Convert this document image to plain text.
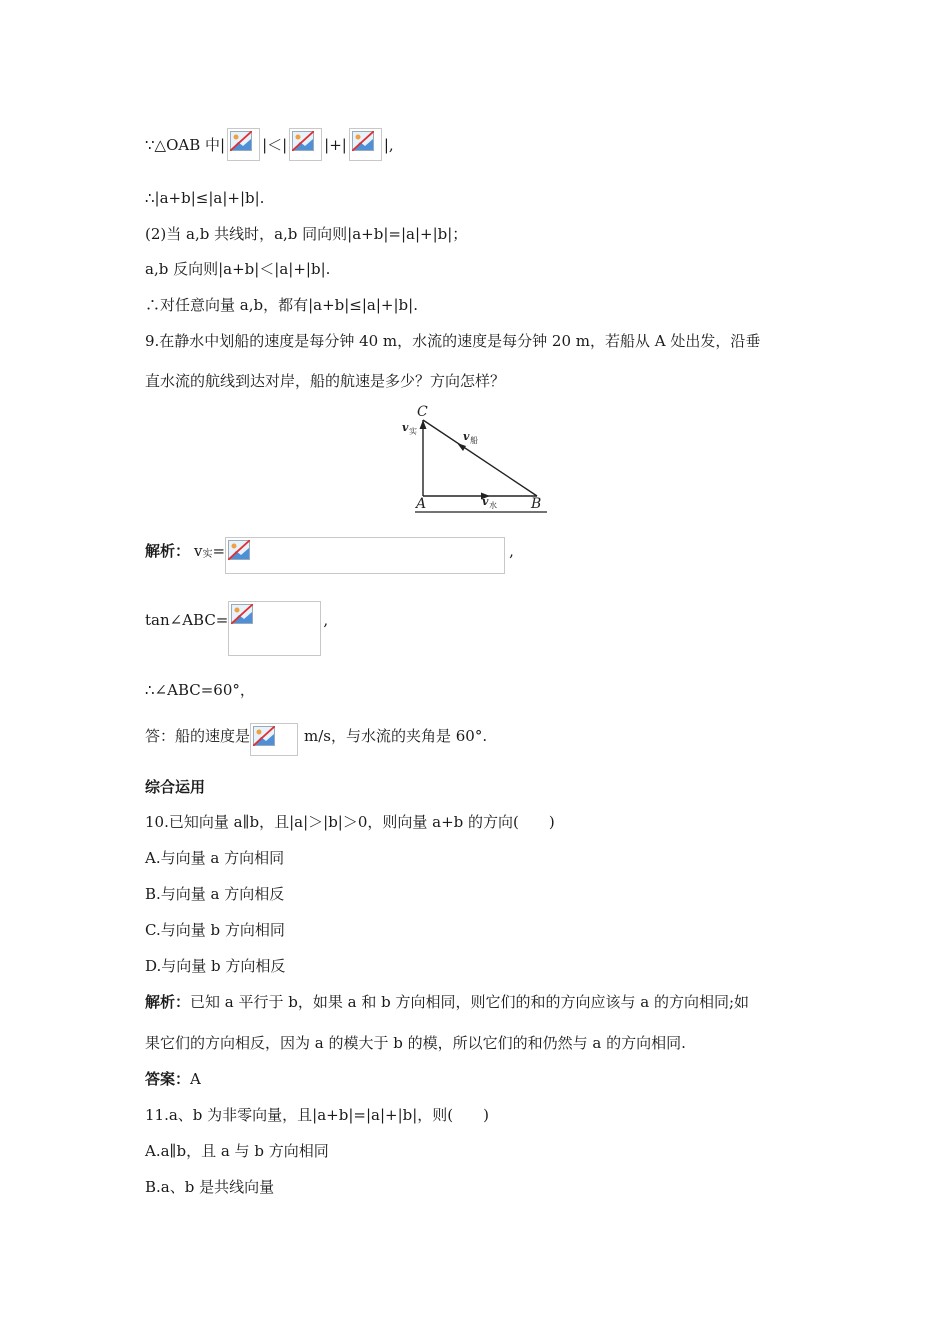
∵△OAB 中| |＜| |+| |,
∴|a+b|≤|a|+|b|.
(2)当 a,b 共线时，a,b 同向则|a+b|=|a|+|b|；
a,b 反向则|a+b|＜|a|+|b|.
∴对任意向量 a,b，都有|a+b|≤|a|+|b|.
9.在静水中划船的速度是每分钟 40 m，水流的速度是每分钟 20 m，若船从 A 处出发，沿垂
直水流的航线到达对岸，船的航速是多少？方向怎样？
C
A	B
v 实	v 船
v 水
解析： v 实 =	,
tan∠ABC=	,
∴∠ABC=60°，
答：船的速度是	m/s，与水流的夹角是 60°.
综合运用
10.已知向量 a∥b，且|a|＞|b|＞0，则向量 a+b 的方向(　　)
A.与向量 a 方向相同
B.与向量 a 方向相反
C.与向量 b 方向相同
D.与向量 b 方向相反
解析： 已知 a 平行于 b，如果 a 和 b 方向相同，则它们的和的方向应该与 a 的方向相同;如
果它们的方向相反，因为 a 的模大于 b 的模，所以它们的和仍然与 a 的方向相同.
答案： A
11.a、b 为非零向量，且|a+b|=|a|+|b|，则(　　)
A.a∥b，且 a 与 b 方向相同
B.a、b 是共线向量
